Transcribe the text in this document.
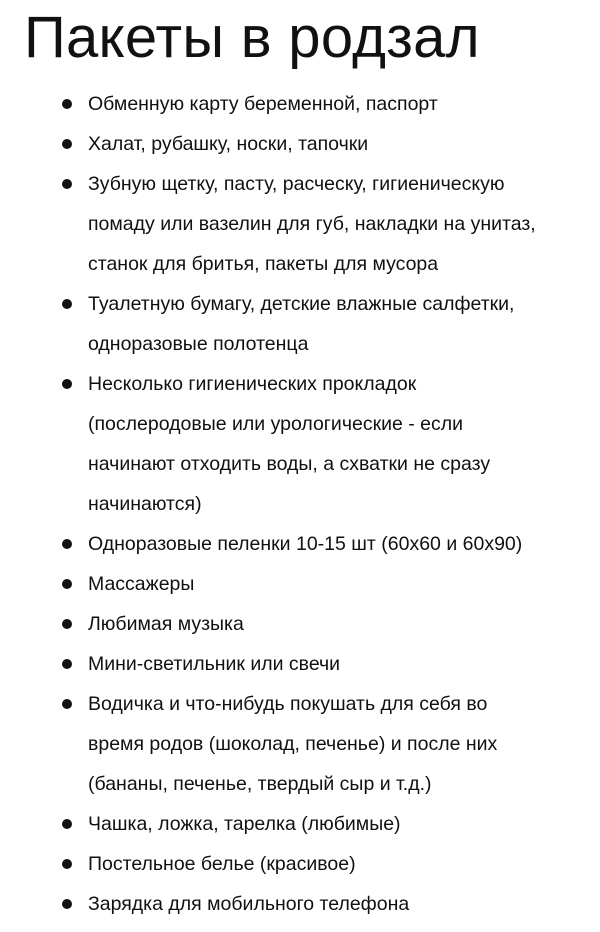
Пакеты в родзал
Обменную карту беременной, паспорт
Халат, рубашку, носки, тапочки
Зубную щетку, пасту, расческу, гигиеническую
помаду или вазелин для губ, накладки на унитаз,
станок для бритья, пакеты для мусора
Туалетную бумагу, детские влажные салфетки,
одноразовые полотенца
Несколько гигиенических прокладок
(послеродовые или урологические - если
начинают отходить воды, а схватки не сразу
начинаются)
Одноразовые пеленки 10-15 шт (60х60 и 60х90)
Массажеры
Любимая музыка
Мини-светильник или свечи
Водичка и что-нибудь покушать для себя во
время родов (шоколад, печенье) и после них
(бананы, печенье, твердый сыр и т.д.)
Чашка, ложка, тарелка (любимые)
Постельное белье (красивое)
Зарядка для мобильного телефона
